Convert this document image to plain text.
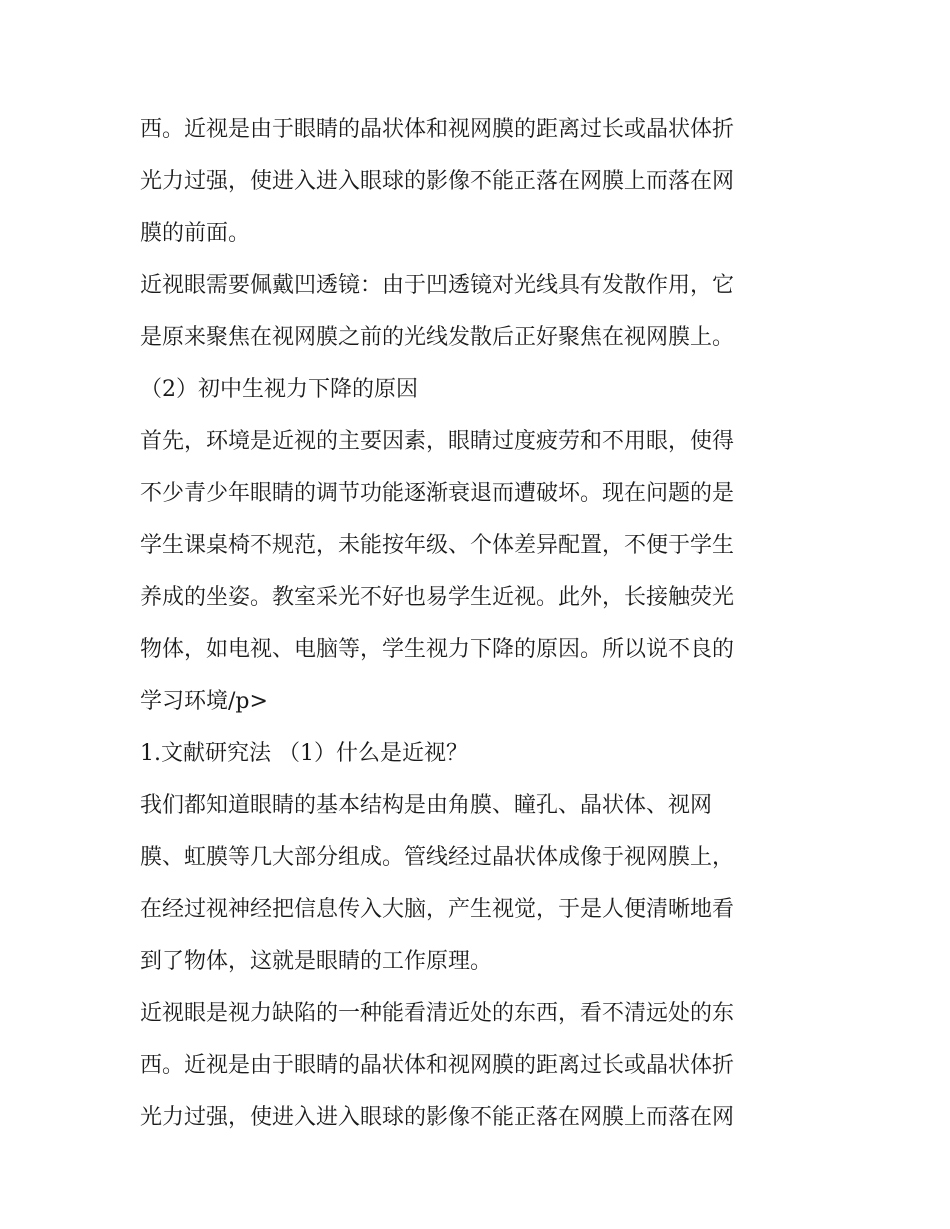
西。近视是由于眼睛的晶状体和视网膜的距离过长或晶状体折
光力过强，使进入进入眼球的影像不能正落在网膜上而落在网
膜的前面。
近视眼需要佩戴凹透镜：由于凹透镜对光线具有发散作用，它
是原来聚焦在视网膜之前的光线发散后正好聚焦在视网膜上。
（2）初中生视力下降的原因
首先，环境是近视的主要因素，眼睛过度疲劳和不用眼，使得
不少青少年眼睛的调节功能逐渐衰退而遭破坏。现在问题的是
学生课桌椅不规范，未能按年级、个体差异配置，不便于学生
养成的坐姿。教室采光不好也易学生近视。此外，长接触荧光
物体，如电视、电脑等，学生视力下降的原因。所以说不良的
学习环境/p>
1.文献研究法 （1）什么是近视？
我们都知道眼睛的基本结构是由角膜、瞳孔、晶状体、视网
膜、虹膜等几大部分组成。管线经过晶状体成像于视网膜上，
在经过视神经把信息传入大脑，产生视觉，于是人便清晰地看
到了物体，这就是眼睛的工作原理。
近视眼是视力缺陷的一种能看清近处的东西，看不清远处的东
西。近视是由于眼睛的晶状体和视网膜的距离过长或晶状体折
光力过强，使进入进入眼球的影像不能正落在网膜上而落在网
